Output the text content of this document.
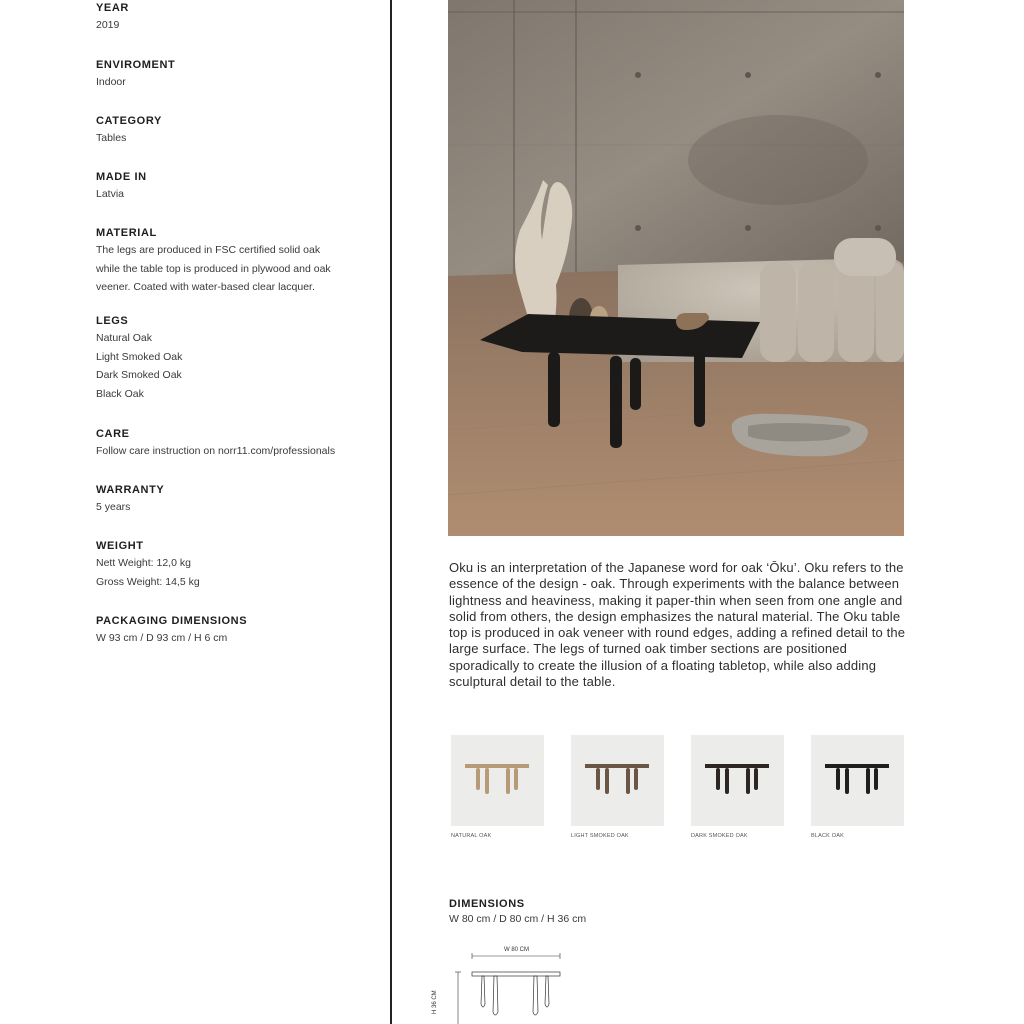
YEAR
2019
ENVIROMENT
Indoor
CATEGORY
Tables
MADE IN
Latvia
MATERIAL
The legs are produced in FSC certified solid oak
while the table top is produced in plywood and oak
veener. Coated with water-based clear lacquer.
LEGS
Natural Oak
Light Smoked Oak
Dark Smoked Oak
Black Oak
CARE
Follow care instruction on norr11.com/professionals
WARRANTY
5 years
WEIGHT
Nett Weight: 12,0 kg
Gross Weight: 14,5 kg
PACKAGING DIMENSIONS
W 93 cm / D 93 cm / H 6 cm
Oku is an interpretation of the Japanese word for oak ‘Ōku’. Oku refers to the essence of the design - oak. Through experiments with the balance between lightness and heaviness, making it paper-thin when seen from one angle and solid from others, the design emphasizes the natural material. The Oku table top is produced in oak veneer with round edges, adding a refined detail to the large surface. The legs of turned oak timber sections are positioned sporadically to create the illusion of a floating tabletop, while also adding sculptural detail to the table.
NATURAL OAK	LIGHT SMOKED OAK	DARK SMOKED OAK	BLACK OAK
DIMENSIONS
W 80 cm / D 80 cm / H 36 cm
W 80 CM
H 36 CM
